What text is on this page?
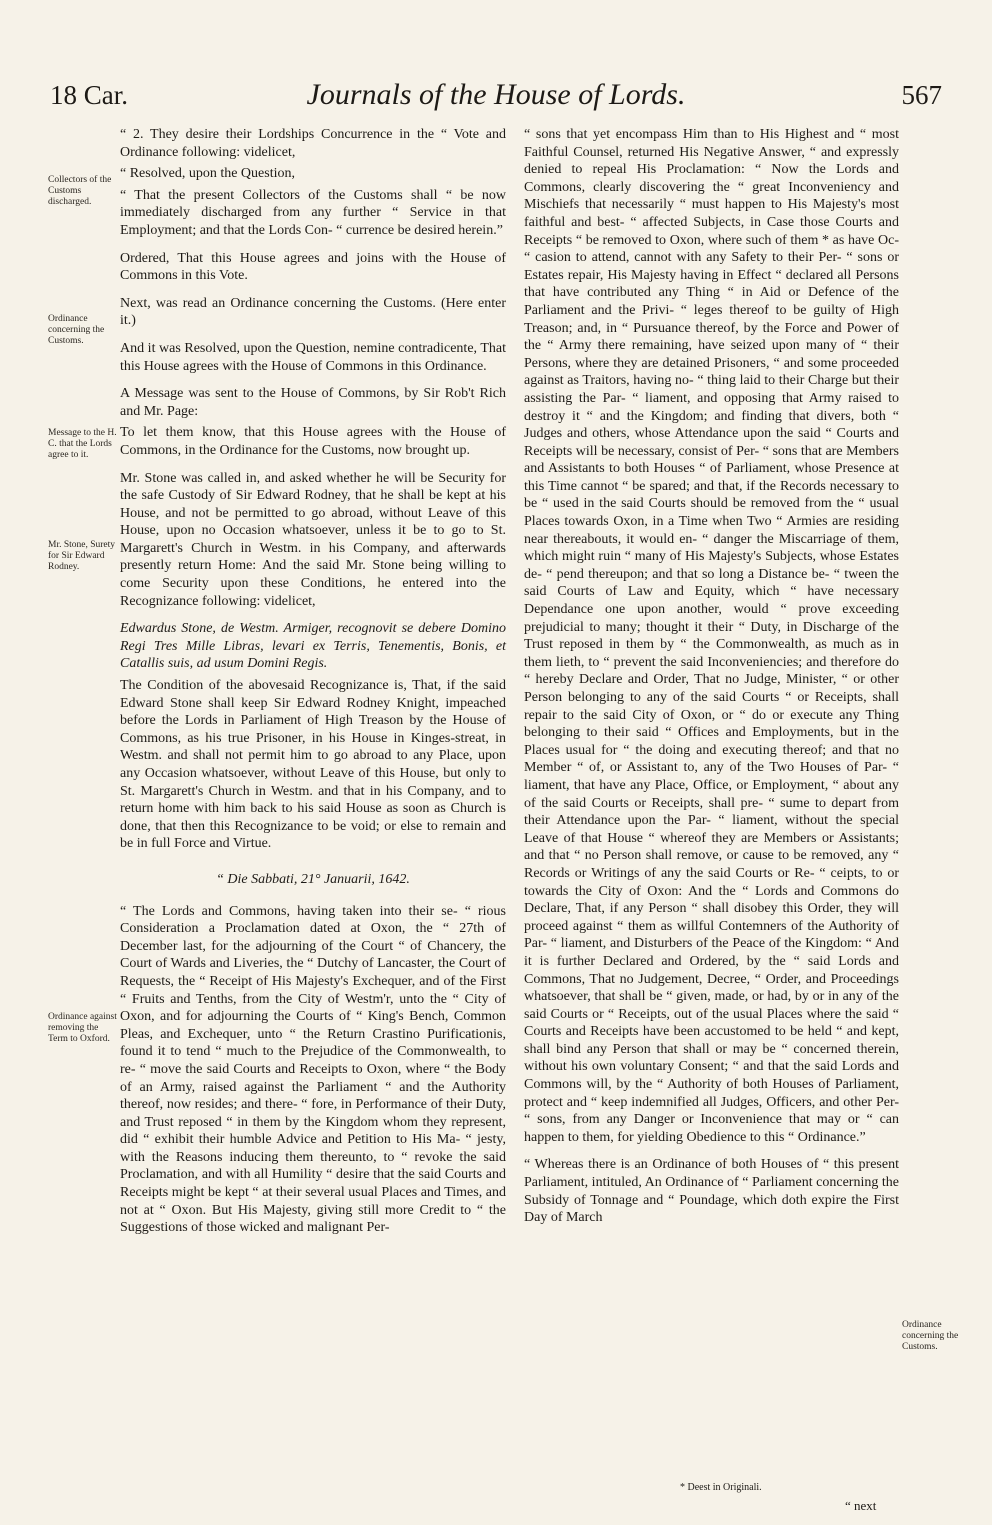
18 Car.	Journals of the House of Lords.	567

“ 2. They desire their Lordships Concurrence in the “ Vote and Ordinance following: videlicet,

“ Resolved, upon the Question,

“ That the present Collectors of the Customs shall “ be now immediately discharged from any further “ Service in that Employment; and that the Lords Con- “ currence be desired herein.”

Ordered, That this House agrees and joins with the House of Commons in this Vote.

Next, was read an Ordinance concerning the Customs. (Here enter it.)

And it was Resolved, upon the Question, nemine contradicente, That this House agrees with the House of Commons in this Ordinance.

A Message was sent to the House of Commons, by Sir Rob't Rich and Mr. Page:

To let them know, that this House agrees with the House of Commons, in the Ordinance for the Customs, now brought up.

Mr. Stone was called in, and asked whether he will be Security for the safe Custody of Sir Edward Rodney, that he shall be kept at his House, and not be permitted to go abroad, without Leave of this House, upon no Occasion whatsoever, unless it be to go to St. Margarett's Church in Westm. in his Company, and afterwards presently return Home: And the said Mr. Stone being willing to come Security upon these Conditions, he entered into the Recognizance following: videlicet,

Edwardus Stone, de Westm. Armiger, recognovit se debere Domino Regi Tres Mille Libras, levari ex Terris, Tenementis, Bonis, et Catallis suis, ad usum Domini Regis.

The Condition of the abovesaid Recognizance is, That, if the said Edward Stone shall keep Sir Edward Rodney Knight, impeached before the Lords in Parliament of High Treason by the House of Commons, as his true Prisoner, in his House in Kinges-streat, in Westm. and shall not permit him to go abroad to any Place, upon any Occasion whatsoever, without Leave of this House, but only to St. Margarett's Church in Westm. and that in his Company, and to return home with him back to his said House as soon as Church is done, that then this Recognizance to be void; or else to remain and be in full Force and Virtue.

“ Die Sabbati, 21° Januarii, 1642.

“ The Lords and Commons, having taken into their se- “ rious Consideration a Proclamation dated at Oxon, the “ 27th of December last, for the adjourning of the Court “ of Chancery, the Court of Wards and Liveries, the “ Dutchy of Lancaster, the Court of Requests, the “ Receipt of His Majesty's Exchequer, and of the First “ Fruits and Tenths, from the City of Westm'r, unto the “ City of Oxon, and for adjourning the Courts of “ King's Bench, Common Pleas, and Exchequer, unto “ the Return Crastino Purificationis, found it to tend “ much to the Prejudice of the Commonwealth, to re- “ move the said Courts and Receipts to Oxon, where “ the Body of an Army, raised against the Parliament “ and the Authority thereof, now resides; and there- “ fore, in Performance of their Duty, and Trust reposed “ in them by the Kingdom whom they represent, did “ exhibit their humble Advice and Petition to His Ma- “ jesty, with the Reasons inducing them thereunto, to “ revoke the said Proclamation, and with all Humility “ desire that the said Courts and Receipts might be kept “ at their several usual Places and Times, and not at “ Oxon. But His Majesty, giving still more Credit to “ the Suggestions of those wicked and malignant Per-

“ sons that yet encompass Him than to His Highest and “ most Faithful Counsel, returned His Negative Answer, “ and expressly denied to repeal His Proclamation: “ Now the Lords and Commons, clearly discovering the “ great Inconveniency and Mischiefs that necessarily “ must happen to His Majesty's most faithful and best- “ affected Subjects, in Case those Courts and Receipts “ be removed to Oxon, where such of them * as have Oc- “ casion to attend, cannot with any Safety to their Per- “ sons or Estates repair, His Majesty having in Effect “ declared all Persons that have contributed any Thing “ in Aid or Defence of the Parliament and the Privi- “ leges thereof to be guilty of High Treason; and, in “ Pursuance thereof, by the Force and Power of the “ Army there remaining, have seized upon many of “ their Persons, where they are detained Prisoners, “ and some proceeded against as Traitors, having no- “ thing laid to their Charge but their assisting the Par- “ liament, and opposing that Army raised to destroy it “ and the Kingdom; and finding that divers, both “ Judges and others, whose Attendance upon the said “ Courts and Receipts will be necessary, consist of Per- “ sons that are Members and Assistants to both Houses “ of Parliament, whose Presence at this Time cannot “ be spared; and that, if the Records necessary to be “ used in the said Courts should be removed from the “ usual Places towards Oxon, in a Time when Two “ Armies are residing near thereabouts, it would en- “ danger the Miscarriage of them, which might ruin “ many of His Majesty's Subjects, whose Estates de- “ pend thereupon; and that so long a Distance be- “ tween the said Courts of Law and Equity, which “ have necessary Dependance one upon another, would “ prove exceeding prejudicial to many; thought it their “ Duty, in Discharge of the Trust reposed in them by “ the Commonwealth, as much as in them lieth, to “ prevent the said Inconveniencies; and therefore do “ hereby Declare and Order, That no Judge, Minister, “ or other Person belonging to any of the said Courts “ or Receipts, shall repair to the said City of Oxon, or “ do or execute any Thing belonging to their said “ Offices and Employments, but in the Places usual for “ the doing and executing thereof; and that no Member “ of, or Assistant to, any of the Two Houses of Par- “ liament, that have any Place, Office, or Employment, “ about any of the said Courts or Receipts, shall pre- “ sume to depart from their Attendance upon the Par- “ liament, without the special Leave of that House “ whereof they are Members or Assistants; and that “ no Person shall remove, or cause to be removed, any “ Records or Writings of any the said Courts or Re- “ ceipts, to or towards the City of Oxon: And the “ Lords and Commons do Declare, That, if any Person “ shall disobey this Order, they will proceed against “ them as willful Contemners of the Authority of Par- “ liament, and Disturbers of the Peace of the Kingdom: “ And it is further Declared and Ordered, by the “ said Lords and Commons, That no Judgement, Decree, “ Order, and Proceedings whatsoever, that shall be “ given, made, or had, by or in any of the said Courts or “ Receipts, out of the usual Places where the said “ Courts and Receipts have been accustomed to be held “ and kept, shall bind any Person that shall or may be “ concerned therein, without his own voluntary Consent; “ and that the said Lords and Commons will, by the “ Authority of both Houses of Parliament, protect and “ keep indemnified all Judges, Officers, and other Per- “ sons, from any Danger or Inconvenience that may or “ can happen to them, for yielding Obedience to this “ Ordinance.”

“ Whereas there is an Ordinance of both Houses of “ this present Parliament, intituled, An Ordinance of “ Parliament concerning the Subsidy of Tonnage and “ Poundage, which doth expire the First Day of March

Collectors of the Customs discharged.
Ordinance concerning the Customs.
Message to the H. C. that the Lords agree to it.
Mr. Stone, Surety for Sir Edward Rodney.
Ordinance against removing the Term to Oxford.
Ordinance concerning the Customs.
* Deest in Originali.
“ next
